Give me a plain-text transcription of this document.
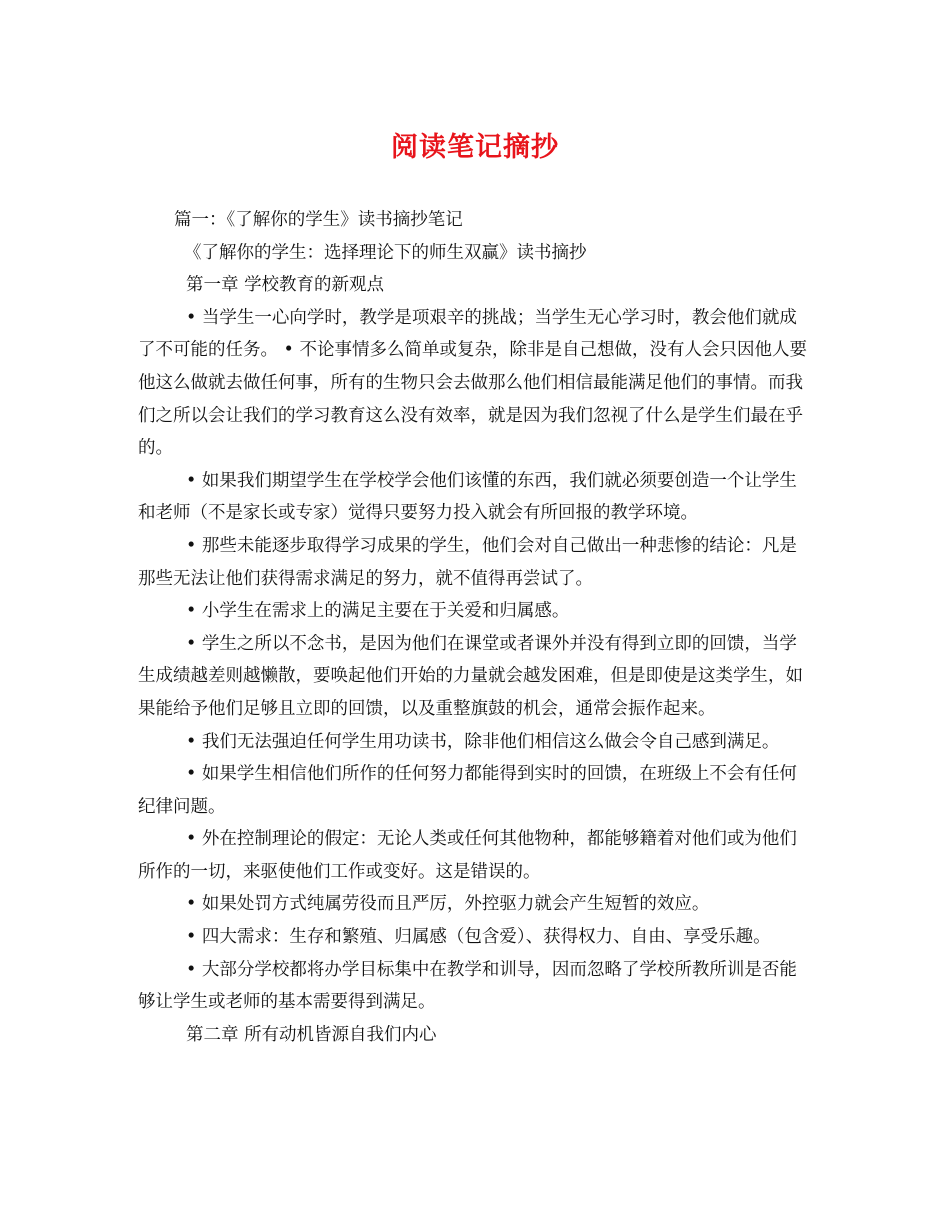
阅读笔记摘抄

篇一：《了解你的学生》读书摘抄笔记

《了解你的学生：选择理论下的师生双赢》读书摘抄

第一章 学校教育的新观点

• 当学生一心向学时，教学是项艰辛的挑战；当学生无心学习时，教会他们就成了不可能的任务。 • 不论事情多么简单或复杂，除非是自己想做，没有人会只因他人要他这么做就去做任何事，所有的生物只会去做那么他们相信最能满足他们的事情。而我们之所以会让我们的学习教育这么没有效率，就是因为我们忽视了什么是学生们最在乎的。

• 如果我们期望学生在学校学会他们该懂的东西，我们就必须要创造一个让学生和老师（不是家长或专家）觉得只要努力投入就会有所回报的教学环境。

• 那些未能逐步取得学习成果的学生，他们会对自己做出一种悲惨的结论：凡是那些无法让他们获得需求满足的努力，就不值得再尝试了。

• 小学生在需求上的满足主要在于关爱和归属感。

• 学生之所以不念书，是因为他们在课堂或者课外并没有得到立即的回馈，当学生成绩越差则越懒散，要唤起他们开始的力量就会越发困难，但是即使是这类学生，如果能给予他们足够且立即的回馈，以及重整旗鼓的机会，通常会振作起来。

• 我们无法强迫任何学生用功读书，除非他们相信这么做会令自己感到满足。

• 如果学生相信他们所作的任何努力都能得到实时的回馈，在班级上不会有任何纪律问题。

• 外在控制理论的假定：无论人类或任何其他物种，都能够籍着对他们或为他们所作的一切，来驱使他们工作或变好。这是错误的。

• 如果处罚方式纯属劳役而且严厉，外控驱力就会产生短暂的效应。

• 四大需求：生存和繁殖、归属感（包含爱）、获得权力、自由、享受乐趣。

• 大部分学校都将办学目标集中在教学和训导，因而忽略了学校所教所训是否能够让学生或老师的基本需要得到满足。

第二章 所有动机皆源自我们内心
